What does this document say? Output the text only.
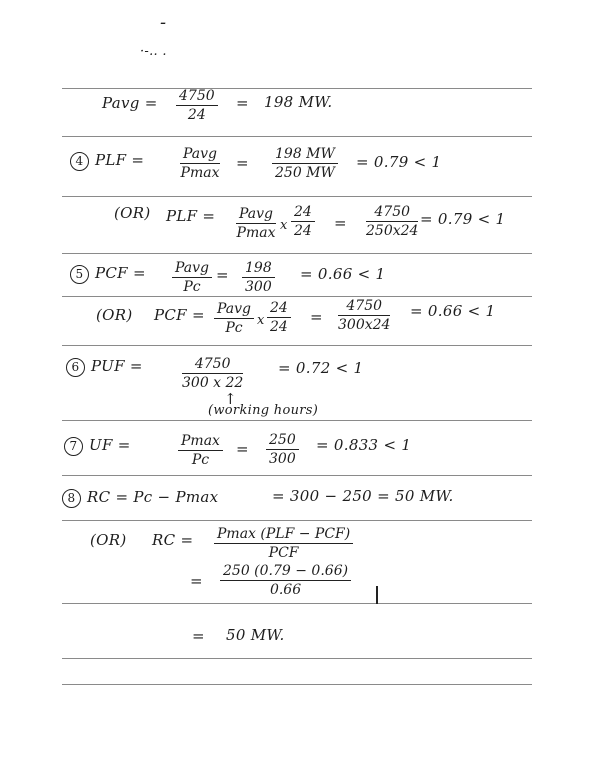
-
·-.. .
Pavg = $\frac{4750}{24} = 198$ MW.
4 PLF =	Pavg
Pmax
= $\frac{198 MW}{250 MW} = 0.79 < 1$
(OR) PLF = Pavg
Pmax x $\frac{24}{24} = \frac{4750}{250x24} = 0.79 < 1$
5 PCF = Pavg
Pc
= $\frac{198}{300} = 0.66 < 1$
(OR) PCF = Pavg
Pc	x $\frac{24}{24} = \frac{4750}{300x24} = 0.66 < 1$
6 PUF =	$\frac{4750}{300 x 22} = 0.72 < 1$
↑
(working hours)
7 UF =	Pmax
Pc
= $\frac{250}{300} = 0.833 < 1$
8 RC = Pc − Pmax	= 300 − 250 = 50 MW.
(OR) RC = Pmax (PLF − PCF)
PCF
= $\frac{250 (0.79 - 0.66)}{0.66}$
= 50 MW.
